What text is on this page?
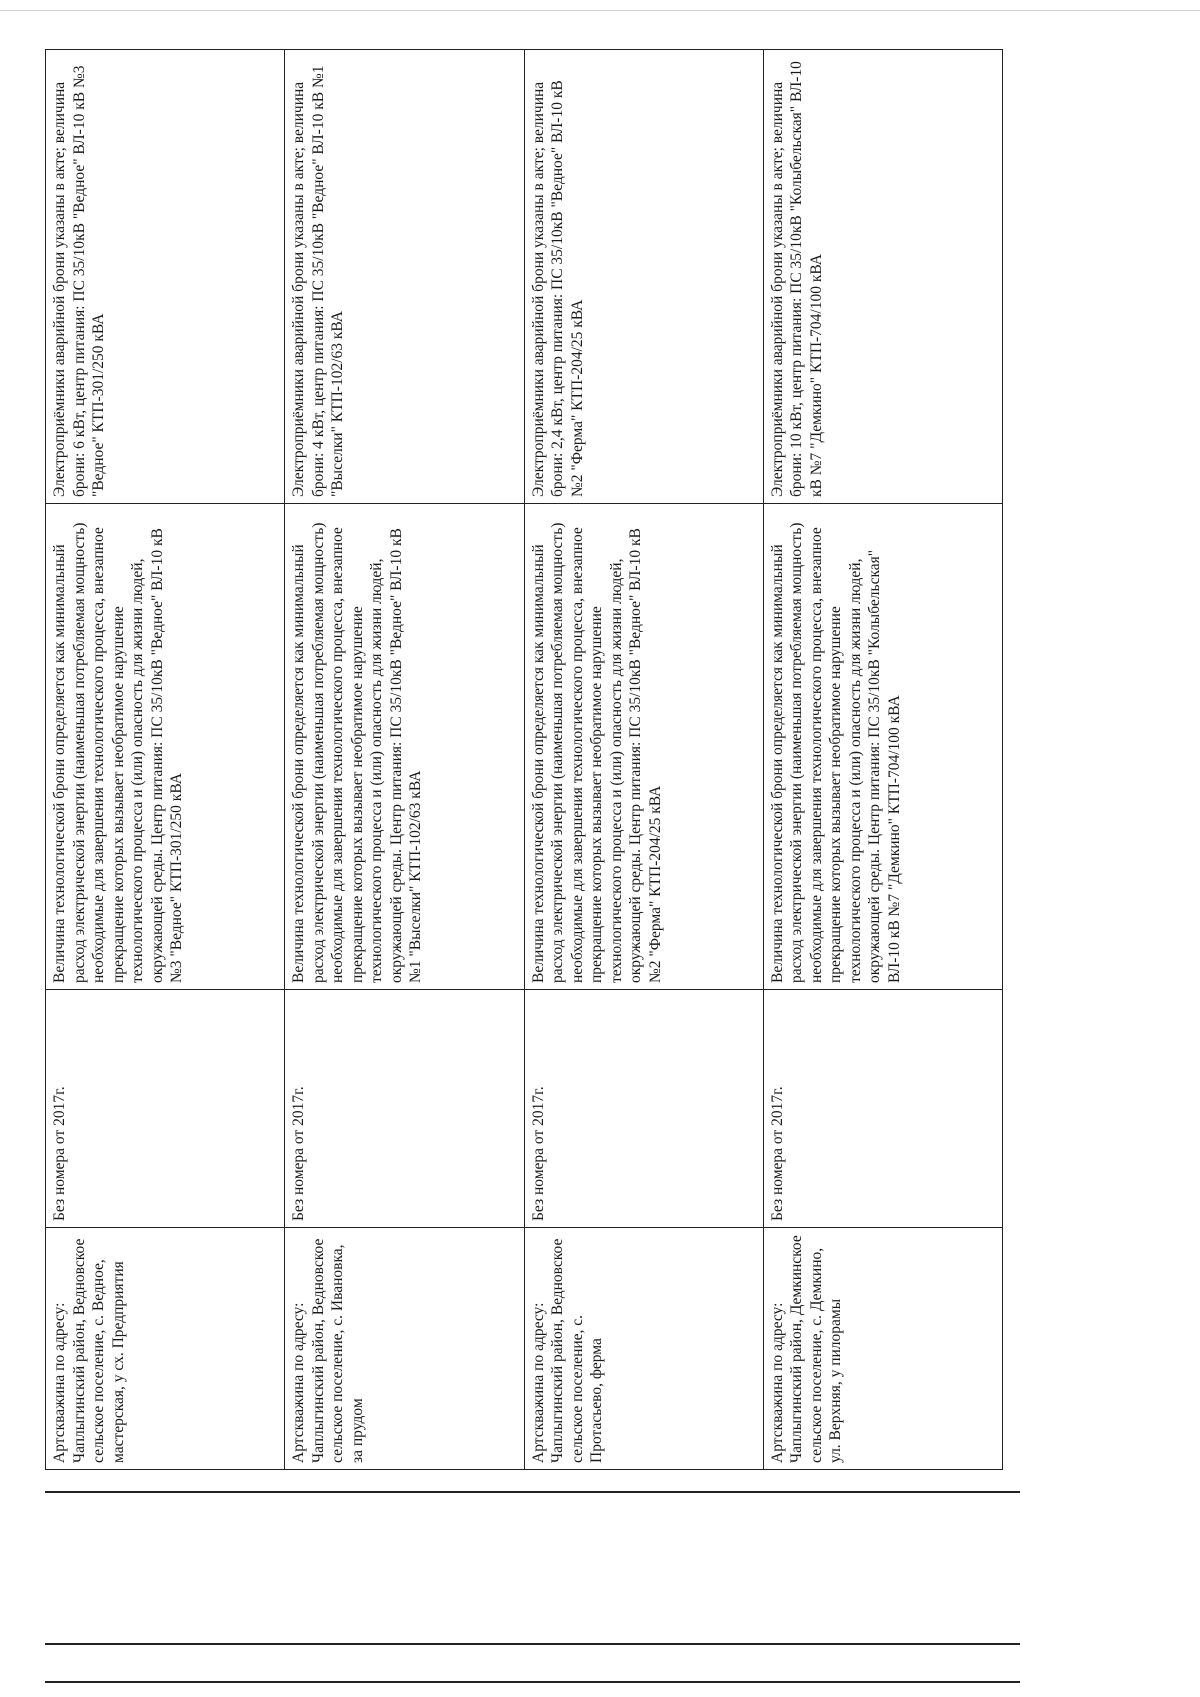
Артскважина по адресу: Чаплыгинский район, Ведновское сельское поселение, с. Ведное, мастерская, у сх. Предприятия	Без номера от 2017г.	Величина технологической брони определяется как минимальный расход электрической энергии (наименьшая потребляемая мощность) необходимые для завершения технологического процесса, внезапное прекращение которых вызывает необратимое нарушение технологического процесса и (или) опасность для жизни людей, окружающей среды. Центр питания: ПС 35/10кВ "Ведное" ВЛ-10 кВ №3 "Ведное" КТП-301/250 кВА	Электроприёмники аварийной брони указаны в акте; величина брони: 6 кВт, центр питания: ПС 35/10кВ "Ведное" ВЛ-10 кВ №3 "Ведное" КТП-301/250 кВА
Артскважина по адресу: Чаплыгинский район, Ведновское сельское поселение, с. Ивановка, за прудом	Без номера от 2017г.	Величина технологической брони определяется как минимальный расход электрической энергии (наименьшая потребляемая мощность) необходимые для завершения технологического процесса, внезапное прекращение которых вызывает необратимое нарушение технологического процесса и (или) опасность для жизни людей, окружающей среды. Центр питания: ПС 35/10кВ "Ведное" ВЛ-10 кВ №1 "Выселки" КТП-102/63 кВА	Электроприёмники аварийной брони указаны в акте; величина брони: 4 кВт, центр питания: ПС 35/10кВ "Ведное" ВЛ-10 кВ №1 "Выселки" КТП-102/63 кВА
Артскважина по адресу: Чаплыгинский район, Ведновское сельское поселение, с. Протасьево, ферма	Без номера от 2017г.	Величина технологической брони определяется как минимальный расход электрической энергии (наименьшая потребляемая мощность) необходимые для завершения технологического процесса, внезапное прекращение которых вызывает необратимое нарушение технологического процесса и (или) опасность для жизни людей, окружающей среды. Центр питания: ПС 35/10кВ "Ведное" ВЛ-10 кВ №2 "Ферма" КТП-204/25 кВА	Электроприёмники аварийной брони указаны в акте; величина брони: 2,4 кВт, центр питания: ПС 35/10кВ "Ведное" ВЛ-10 кВ №2 "Ферма" КТП-204/25 кВА
Артскважина по адресу: Чаплыгинский район, Демкинское сельское поселение, с. Демкино, ул. Верхняя, у пилорамы	Без номера от 2017г.	Величина технологической брони определяется как минимальный расход электрической энергии (наименьшая потребляемая мощность) необходимые для завершения технологического процесса, внезапное прекращение которых вызывает необратимое нарушение технологического процесса и (или) опасность для жизни людей, окружающей среды. Центр питания: ПС 35/10кВ "Колыбельская" ВЛ-10 кВ №7 "Демкино" КТП-704/100 кВА	Электроприёмники аварийной брони указаны в акте; величина брони: 10 кВт, центр питания: ПС 35/10кВ "Колыбельская" ВЛ-10 кВ №7 "Демкино" КТП-704/100 кВА
